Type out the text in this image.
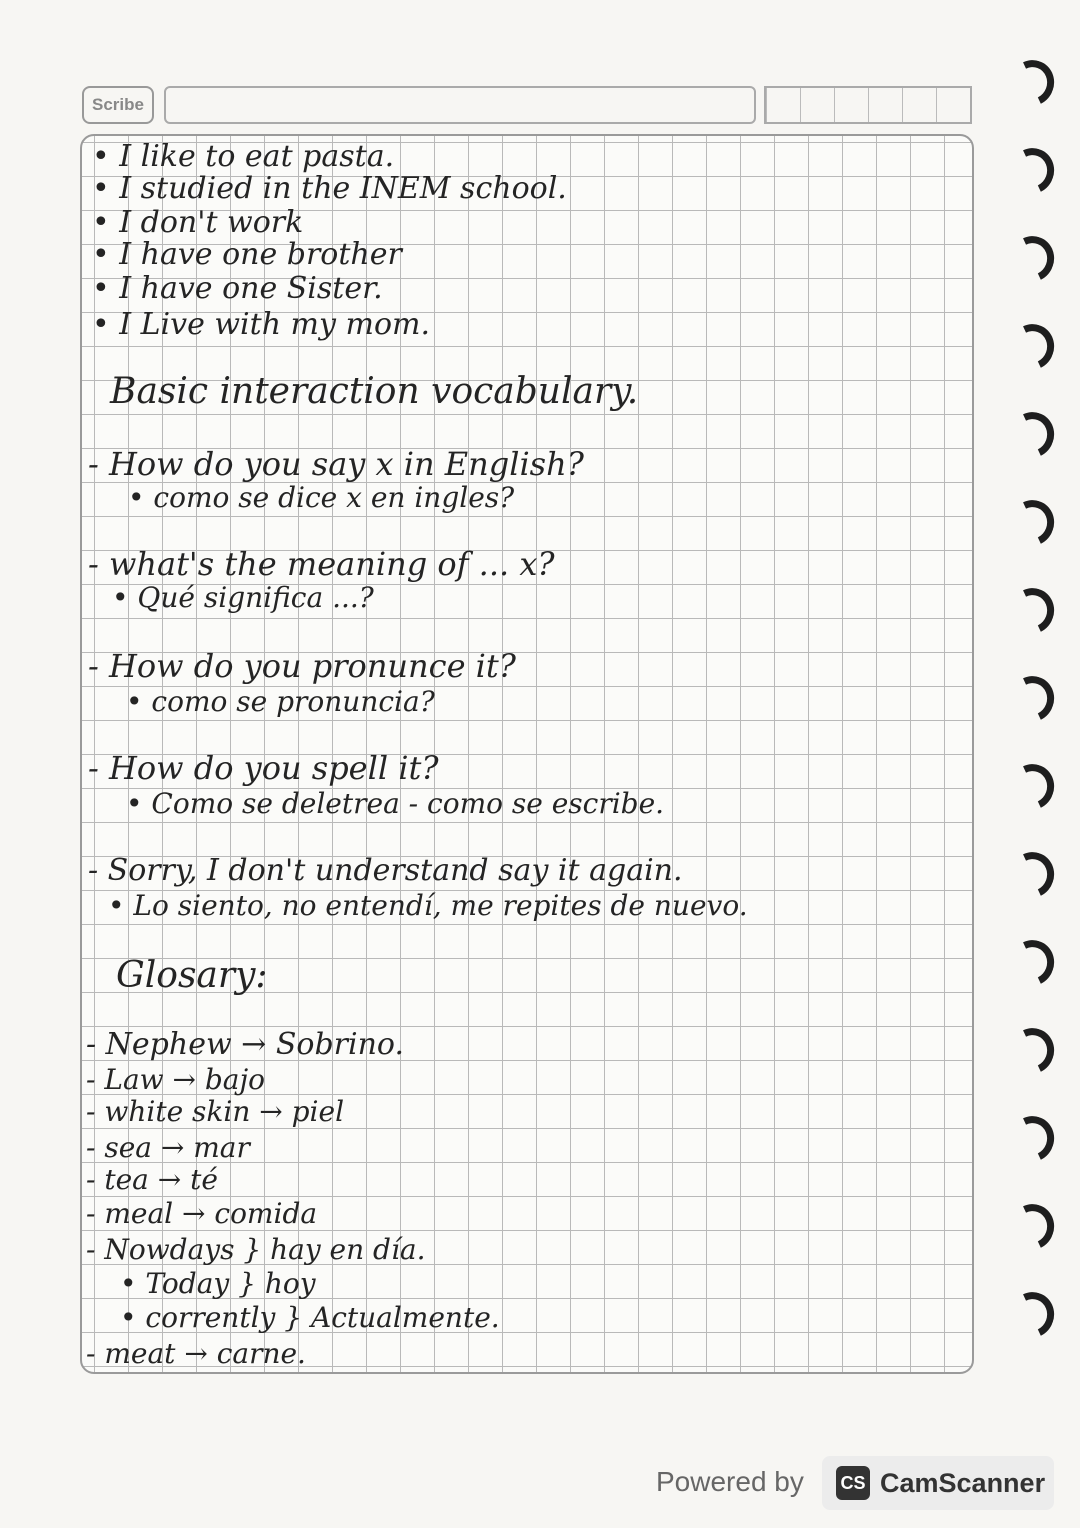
Scribe
• I like to eat pasta.
• I studied in the INEM school.
• I don't work
• I have one brother
• I have one Sister.
• I Live with my mom.
Basic interaction vocabulary.
- How do you say x in English?
• como se dice x en ingles?
- what's the meaning of ... x?
• Qué significa ...?
- How do you pronunce it?
• como se pronuncia?
- How do you spell it?
• Como se deletrea - como se escribe.
- Sorry, I don't understand say it again.
• Lo siento, no entendí, me repites de nuevo.
Glosary:
- Nephew → Sobrino.
- Law → bajo
- white skin → piel
- sea → mar
- tea → té
- meal → comida
- Nowdays } hay en día.
• Today } hoy
• corrently } Actualmente.
- meat → carne.
Powered by CS CamScanner
